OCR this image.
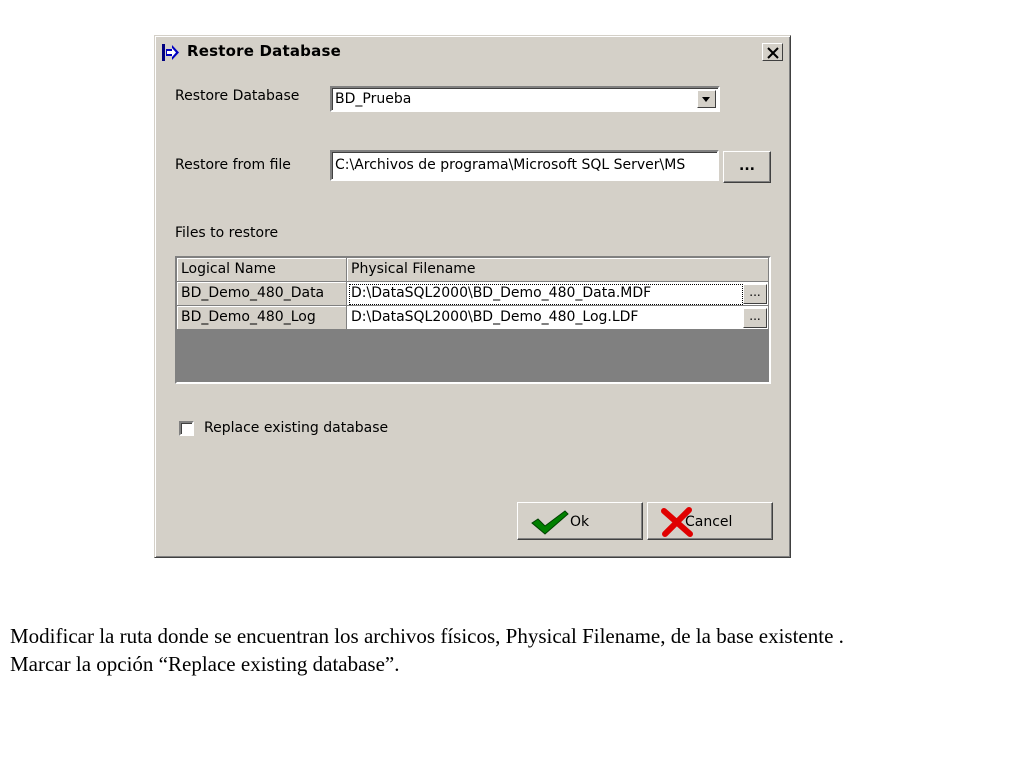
Restore Database
Restore Database	BD_Prueba
Restore from file	C:\Archivos de programa\Microsoft SQL Server\MS	...
Files to restore
Logical Name	Physical Filename
BD_Demo_480_Data	D:\DataSQL2000\BD_Demo_480_Data.MDF	...
BD_Demo_480_Log	D:\DataSQL2000\BD_Demo_480_Log.LDF	...
Replace existing database
Ok	Cancel

Modificar la ruta donde se encuentran los archivos físicos, Physical Filename, de la base existente .

Marcar la opción “Replace existing database”.
